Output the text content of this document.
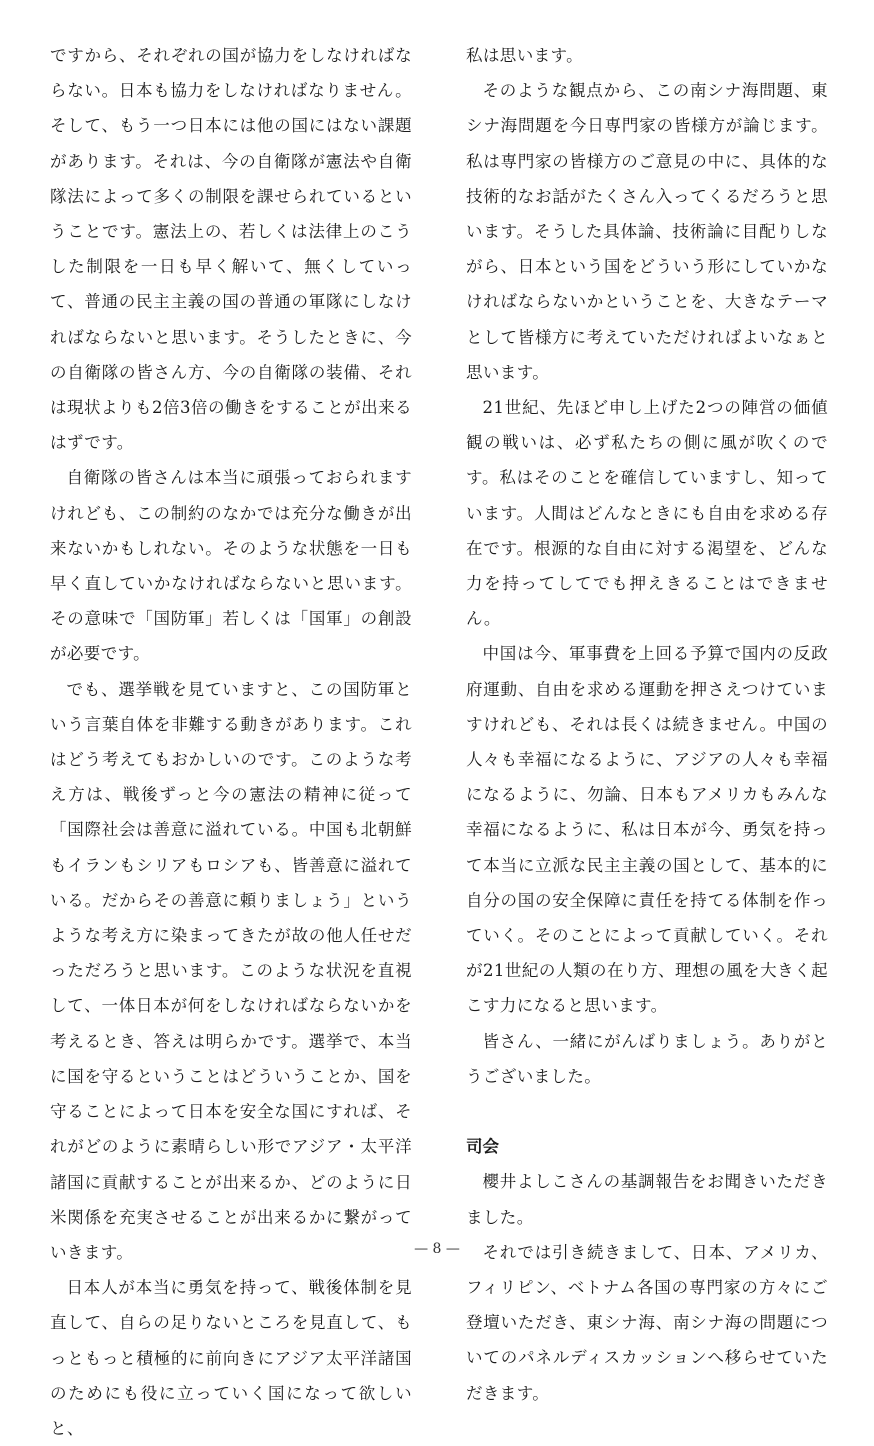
ですから、それぞれの国が協力をしなければならない。日本も協力をしなければなりません。そして、もう一つ日本には他の国にはない課題があります。それは、今の自衛隊が憲法や自衛隊法によって多くの制限を課せられているということです。憲法上の、若しくは法律上のこうした制限を一日も早く解いて、無くしていって、普通の民主主義の国の普通の軍隊にしなければならないと思います。そうしたときに、今の自衛隊の皆さん方、今の自衛隊の装備、それは現状よりも2倍3倍の働きをすることが出来るはずです。

自衛隊の皆さんは本当に頑張っておられますけれども、この制約のなかでは充分な働きが出来ないかもしれない。そのような状態を一日も早く直していかなければならないと思います。その意味で「国防軍」若しくは「国軍」の創設が必要です。

でも、選挙戦を見ていますと、この国防軍という言葉自体を非難する動きがあります。これはどう考えてもおかしいのです。このような考え方は、戦後ずっと今の憲法の精神に従って「国際社会は善意に溢れている。中国も北朝鮮もイランもシリアもロシアも、皆善意に溢れている。だからその善意に頼りましょう」というような考え方に染まってきたが故の他人任せだっただろうと思います。このような状況を直視して、一体日本が何をしなければならないかを考えるとき、答えは明らかです。選挙で、本当に国を守るということはどういうことか、国を守ることによって日本を安全な国にすれば、それがどのように素晴らしい形でアジア・太平洋諸国に貢献することが出来るか、どのように日米関係を充実させることが出来るかに繋がっていきます。

日本人が本当に勇気を持って、戦後体制を見直して、自らの足りないところを見直して、もっともっと積極的に前向きにアジア太平洋諸国のためにも役に立っていく国になって欲しいと、

私は思います。

そのような観点から、この南シナ海問題、東シナ海問題を今日専門家の皆様方が論じます。私は専門家の皆様方のご意見の中に、具体的な技術的なお話がたくさん入ってくるだろうと思います。そうした具体論、技術論に目配りしながら、日本という国をどういう形にしていかなければならないかということを、大きなテーマとして皆様方に考えていただければよいなぁと思います。

21世紀、先ほど申し上げた2つの陣営の価値観の戦いは、必ず私たちの側に風が吹くのです。私はそのことを確信していますし、知っています。人間はどんなときにも自由を求める存在です。根源的な自由に対する渇望を、どんな力を持ってしてでも押えきることはできません。

中国は今、軍事費を上回る予算で国内の反政府運動、自由を求める運動を押さえつけていますけれども、それは長くは続きません。中国の人々も幸福になるように、アジアの人々も幸福になるように、勿論、日本もアメリカもみんな幸福になるように、私は日本が今、勇気を持って本当に立派な民主主義の国として、基本的に自分の国の安全保障に責任を持てる体制を作っていく。そのことによって貢献していく。それが21世紀の人類の在り方、理想の風を大きく起こす力になると思います。

皆さん、一緒にがんばりましょう。ありがとうございました。

司会

櫻井よしこさんの基調報告をお聞きいただきました。

それでは引き続きまして、日本、アメリカ、フィリピン、ベトナム各国の専門家の方々にご登壇いただき、東シナ海、南シナ海の問題についてのパネルディスカッションへ移らせていただきます。

— 8 —
